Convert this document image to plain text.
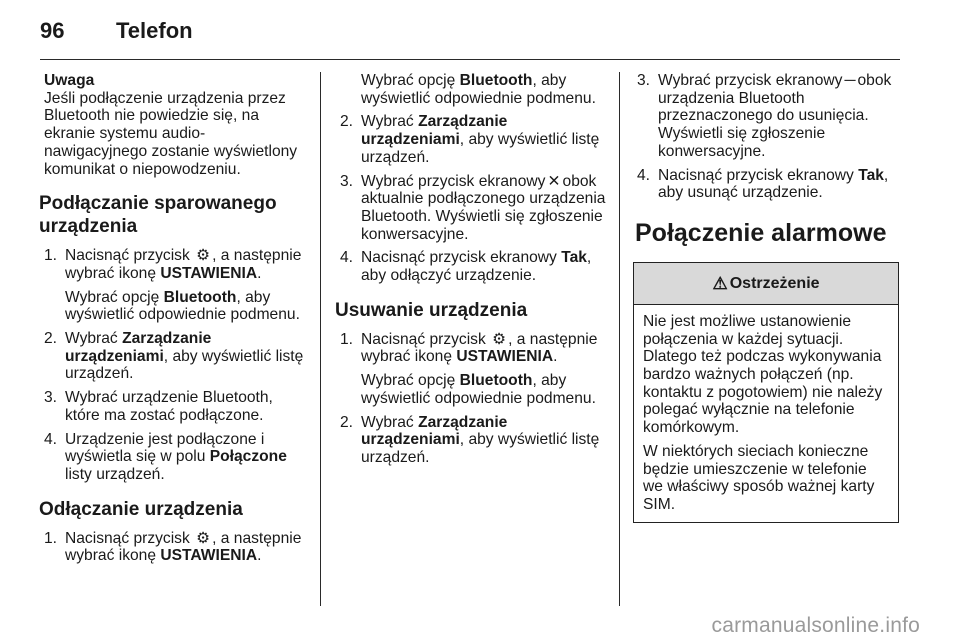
96 Telefon

Uwaga

Jeśli podłączenie urządzenia przez Bluetooth nie powiedzie się, na ekranie systemu audio-nawigacyjnego zostanie wyświetlony komunikat o niepowodzeniu.

Podłączanie sparowanego urządzenia
1. Nacisnąć przycisk ⚙ , a następnie wybrać ikonę USTAWIENIA.

Wybrać opcję Bluetooth, aby wyświetlić odpowiednie podmenu.

2. Wybrać Zarządzanie urządzeniami, aby wyświetlić listę urządzeń.

3. Wybrać urządzenie Bluetooth, które ma zostać podłączone.

4. Urządzenie jest podłączone i wyświetla się w polu Połączone listy urządzeń.

Odłączanie urządzenia
1. Nacisnąć przycisk ⚙ , a następnie wybrać ikonę USTAWIENIA.

Wybrać opcję Bluetooth, aby wyświetlić odpowiednie podmenu.

2. Wybrać Zarządzanie urządzeniami, aby wyświetlić listę urządzeń.

3. Wybrać przycisk ekranowy ✕ obok aktualnie podłączonego urządzenia Bluetooth. Wyświetli się zgłoszenie konwersacyjne.

4. Nacisnąć przycisk ekranowy Tak, aby odłączyć urządzenie.

Usuwanie urządzenia
1. Nacisnąć przycisk ⚙ , a następnie wybrać ikonę USTAWIENIA.

Wybrać opcję Bluetooth, aby wyświetlić odpowiednie podmenu.

2. Wybrać Zarządzanie urządzeniami, aby wyświetlić listę urządzeń.

3. Wybrać przycisk ekranowy ─ obok urządzenia Bluetooth przeznaczonego do usunięcia. Wyświetli się zgłoszenie konwersacyjne.

4. Nacisnąć przycisk ekranowy Tak, aby usunąć urządzenie.

Połączenie alarmowe
⚠ Ostrzeżenie

Nie jest możliwe ustanowienie połączenia w każdej sytuacji. Dlatego też podczas wykonywania bardzo ważnych połączeń (np. kontaktu z pogotowiem) nie należy polegać wyłącznie na telefonie komórkowym.

W niektórych sieciach konieczne będzie umieszczenie w telefonie we właściwy sposób ważnej karty SIM.

carmanualsonline.info
